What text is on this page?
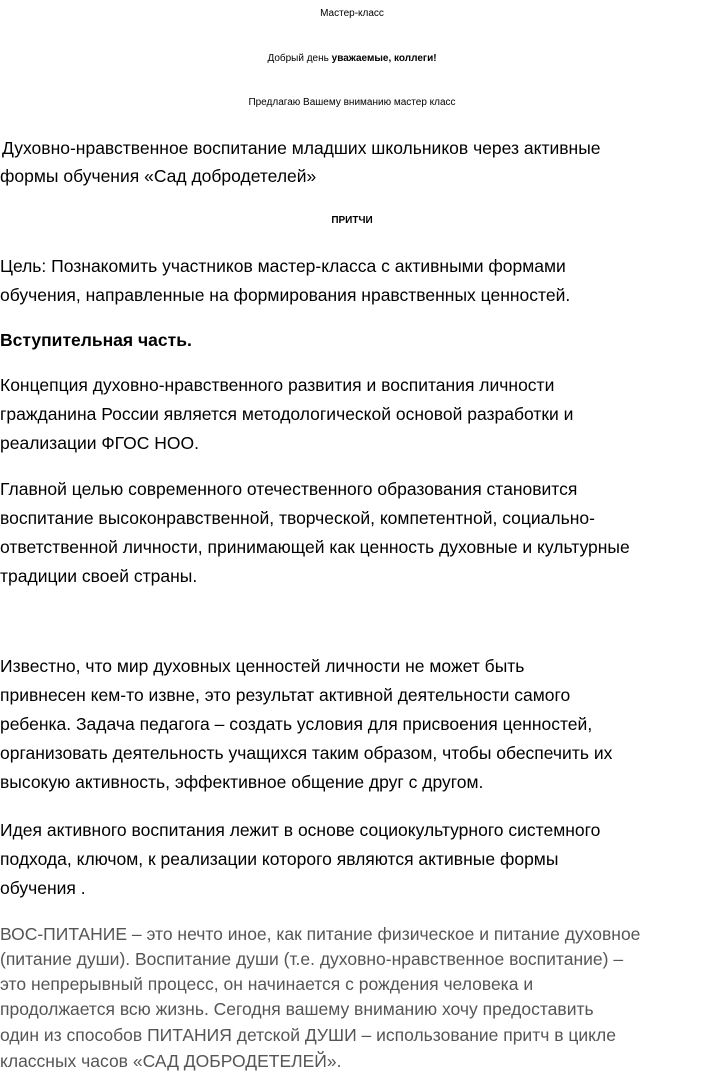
Мастер-класс
Добрый день уважаемые, коллеги!
Предлагаю Вашему вниманию мастер класс
Духовно-нравственное воспитание младших школьников через активные
формы обучения «Сад добродетелей»
ПРИТЧИ
Цель: Познакомить участников мастер-класса с активными формами
обучения, направленные на формирования нравственных ценностей.
Вступительная часть.
Концепция духовно-нравственного развития и воспитания личности
гражданина России является методологической основой разработки и
реализации ФГОС НОО.
Главной целью современного отечественного образования становится
воспитание высоконравственной, творческой, компетентной, социально-
ответственной личности, принимающей как ценность духовные и культурные
традиции своей страны.
Известно, что мир духовных ценностей личности не может быть
привнесен кем-то извне, это результат активной деятельности самого
ребенка. Задача педагога – создать условия для присвоения ценностей,
организовать деятельность учащихся таким образом, чтобы обеспечить их
высокую активность, эффективное общение друг с другом.
Идея активного воспитания лежит в основе социокультурного системного
подхода, ключом, к реализации которого являются активные формы
обучения .
ВОС-ПИТАНИЕ – это нечто иное, как питание физическое и питание духовное
(питание души). Воспитание души (т.е. духовно-нравственное воспитание) –
это непрерывный процесс, он начинается с рождения человека и
продолжается всю жизнь. Сегодня вашему вниманию хочу предоставить
один из способов ПИТАНИЯ детской ДУШИ – использование притч в цикле
классных часов «САД ДОБРОДЕТЕЛЕЙ».
